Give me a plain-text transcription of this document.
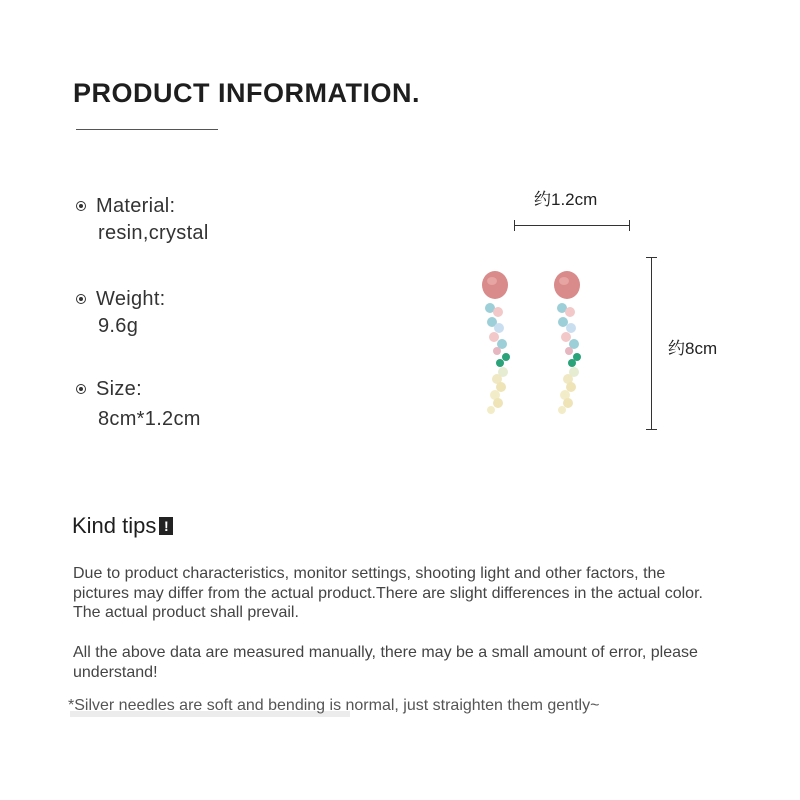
PRODUCT INFORMATION.
Material:
resin,crystal
Weight:
9.6g
Size:
8cm*1.2cm
约1.2cm
约8cm
Kind tips !
Due to product characteristics, monitor settings, shooting light and other factors, the pictures may differ from the actual product.There are slight differences in the actual color. The actual product shall prevail.
All the above data are measured manually, there may be a small amount of error, please understand!
*Silver needles are soft and bending is normal, just straighten them gently~
